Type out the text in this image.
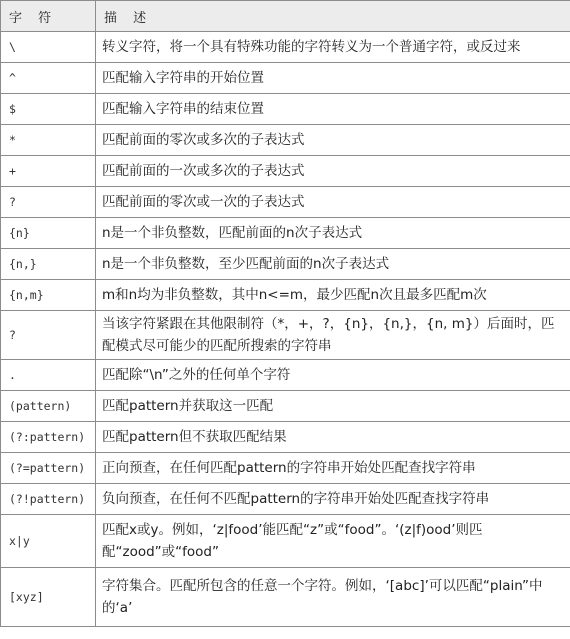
字 符	描 述
\	转义字符，将一个具有特殊功能的字符转义为一个普通字符，或反过来
^	匹配输入字符串的开始位置
$	匹配输入字符串的结束位置
*	匹配前面的零次或多次的子表达式
+	匹配前面的一次或多次的子表达式
?	匹配前面的零次或一次的子表达式
{n}	n是一个非负整数，匹配前面的n次子表达式
{n,}	n是一个非负整数，至少匹配前面的n次子表达式
{n,m}	m和n均为非负整数，其中n<=m，最少匹配n次且最多匹配m次
?	当该字符紧跟在其他限制符（*，+，?，{n}，{n,}，{n, m}）后面时，匹配模式尽可能少的匹配所搜索的字符串
.	匹配除“\n”之外的任何单个字符
(pattern)	匹配pattern并获取这一匹配
(?:pattern)	匹配pattern但不获取匹配结果
(?=pattern)	正向预查，在任何匹配pattern的字符串开始处匹配查找字符串
(?!pattern)	负向预查，在任何不匹配pattern的字符串开始处匹配查找字符串
x|y	匹配x或y。例如，‘z|food’能匹配“z”或“food”。‘(z|f)ood’则匹配“zood”或“food”
[xyz]	字符集合。匹配所包含的任意一个字符。例如，‘[abc]’可以匹配“plain”中的‘a’
